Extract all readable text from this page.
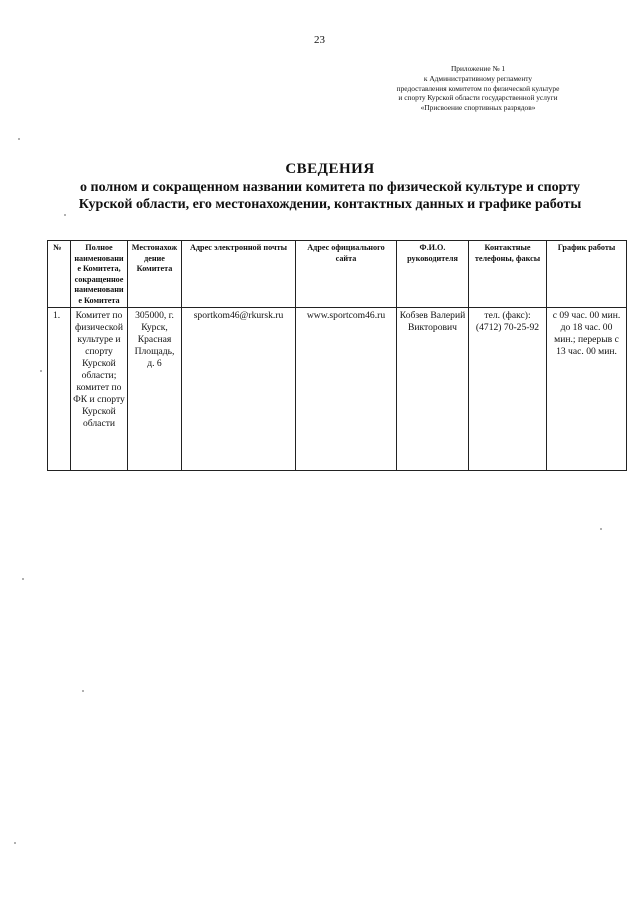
23
Приложение № 1
к Административному регламенту
предоставления комитетом по физической культуре
и спорту Курской области государственной услуги
«Присвоение спортивных разрядов»
СВЕДЕНИЯ
о полном и сокращенном названии комитета по физической культуре и спорту Курской области, его местонахождении, контактных данных и графике работы
№	Полное наименование Комитета, сокращенное наименование Комитета	Местонахождение Комитета	Адрес электронной почты	Адрес официального сайта	Ф.И.О. руководителя	Контактные телефоны, факсы	График работы
1.	Комитет по физической культуре и спорту Курской области; комитет по ФК и спорту Курской области	305000, г. Курск, Красная Площадь, д. 6	sportkom46@rkursk.ru	www.sportcom46.ru	Кобзев Валерий Викторович	тел. (факс): (4712) 70-25-92	с 09 час. 00 мин. до 18 час. 00 мин.; перерыв с 13 час. 00 мин.
